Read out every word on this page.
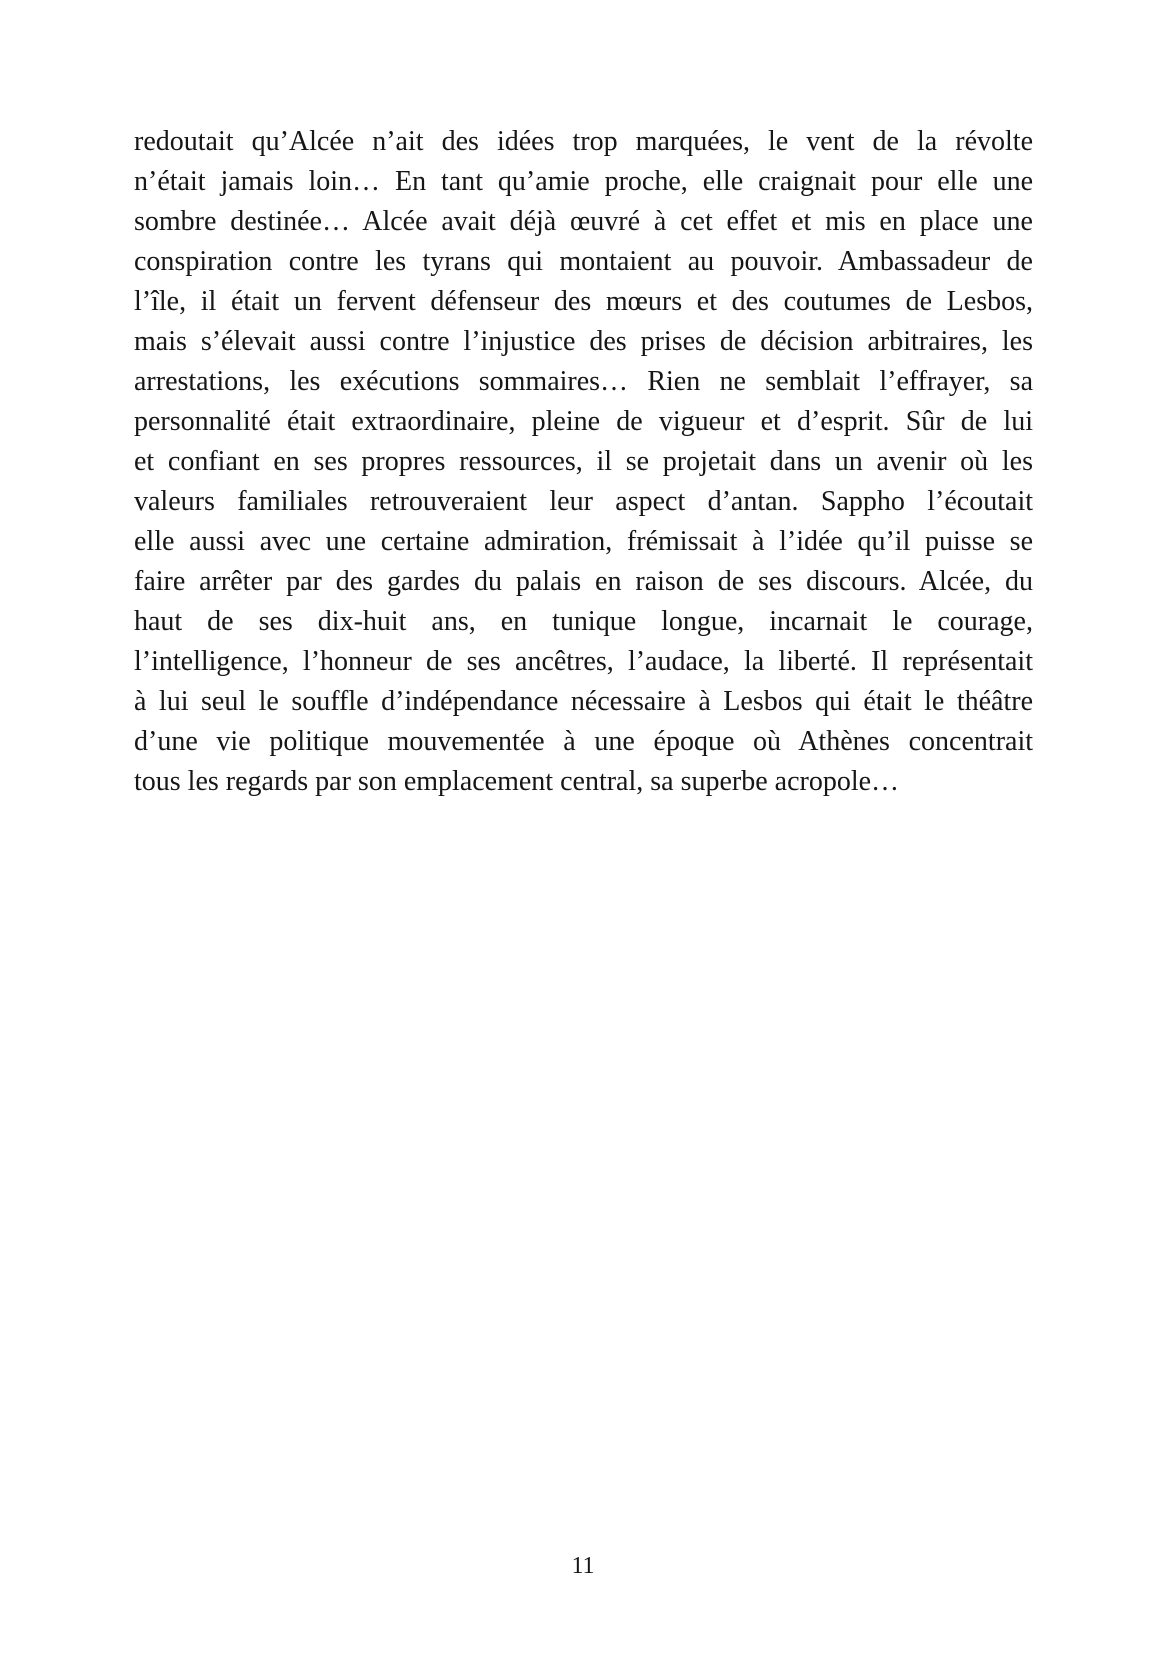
redoutait qu’Alcée n’ait des idées trop marquées, le vent de la révolte
n’était jamais loin… En tant qu’amie proche, elle craignait pour elle une
sombre destinée… Alcée avait déjà œuvré à cet effet et mis en place une
conspiration contre les tyrans qui montaient au pouvoir. Ambassadeur de
l’île, il était un fervent défenseur des mœurs et des coutumes de Lesbos,
mais s’élevait aussi contre l’injustice des prises de décision arbitraires, les
arrestations, les exécutions sommaires… Rien ne semblait l’effrayer, sa
personnalité était extraordinaire, pleine de vigueur et d’esprit. Sûr de lui
et confiant en ses propres ressources, il se projetait dans un avenir où les
valeurs familiales retrouveraient leur aspect d’antan. Sappho l’écoutait
elle aussi avec une certaine admiration, frémissait à l’idée qu’il puisse se
faire arrêter par des gardes du palais en raison de ses discours. Alcée, du
haut de ses dix-huit ans, en tunique longue, incarnait le courage,
l’intelligence, l’honneur de ses ancêtres, l’audace, la liberté. Il représentait
à lui seul le souffle d’indépendance nécessaire à Lesbos qui était le théâtre
d’une vie politique mouvementée à une époque où Athènes concentrait
tous les regards par son emplacement central, sa superbe acropole…

11
